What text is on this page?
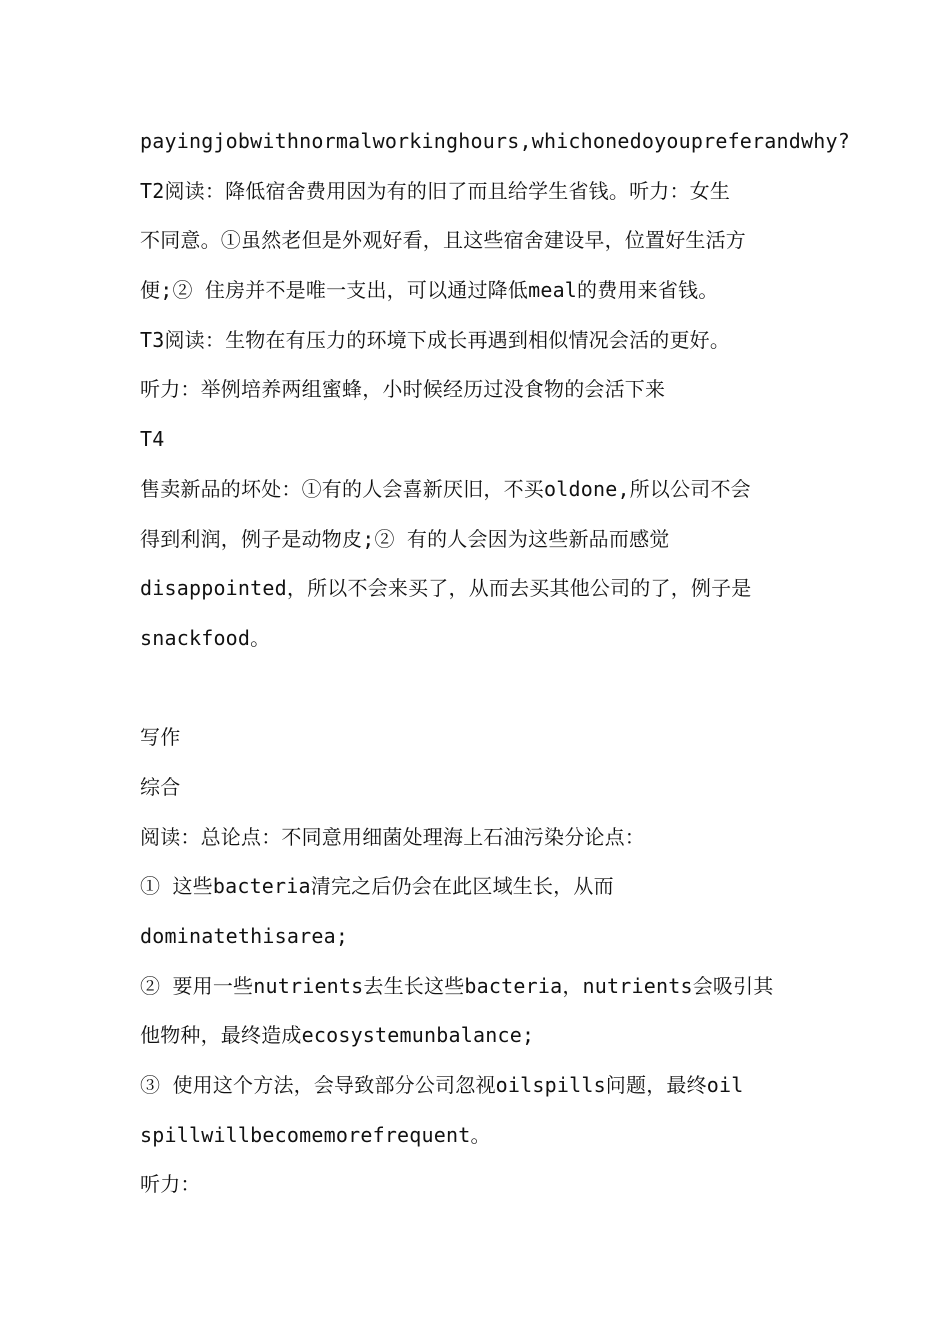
payingjobwithnormalworkinghours,whichonedoyoupreferandwhy?
T2阅读：降低宿舍费用因为有的旧了而且给学生省钱。听力：女生
不同意。①虽然老但是外观好看，且这些宿舍建设早，位置好生活方
便;② 住房并不是唯一支出，可以通过降低meal的费用来省钱。
T3阅读：生物在有压力的环境下成长再遇到相似情况会活的更好。
听力：举例培养两组蜜蜂，小时候经历过没食物的会活下来
T4
售卖新品的坏处：①有的人会喜新厌旧，不买oldone,所以公司不会
得到利润，例子是动物皮;② 有的人会因为这些新品而感觉
disappointed，所以不会来买了，从而去买其他公司的了，例子是
snackfood。
写作
综合
阅读：总论点：不同意用细菌处理海上石油污染分论点：
① 这些bacteria清完之后仍会在此区域生长，从而
dominatethisarea;
② 要用一些nutrients去生长这些bacteria，nutrients会吸引其
他物种，最终造成ecosystemunbalance;
③ 使用这个方法，会导致部分公司忽视oilspills问题，最终oil
spillwillbecomemorefrequent。
听力：
